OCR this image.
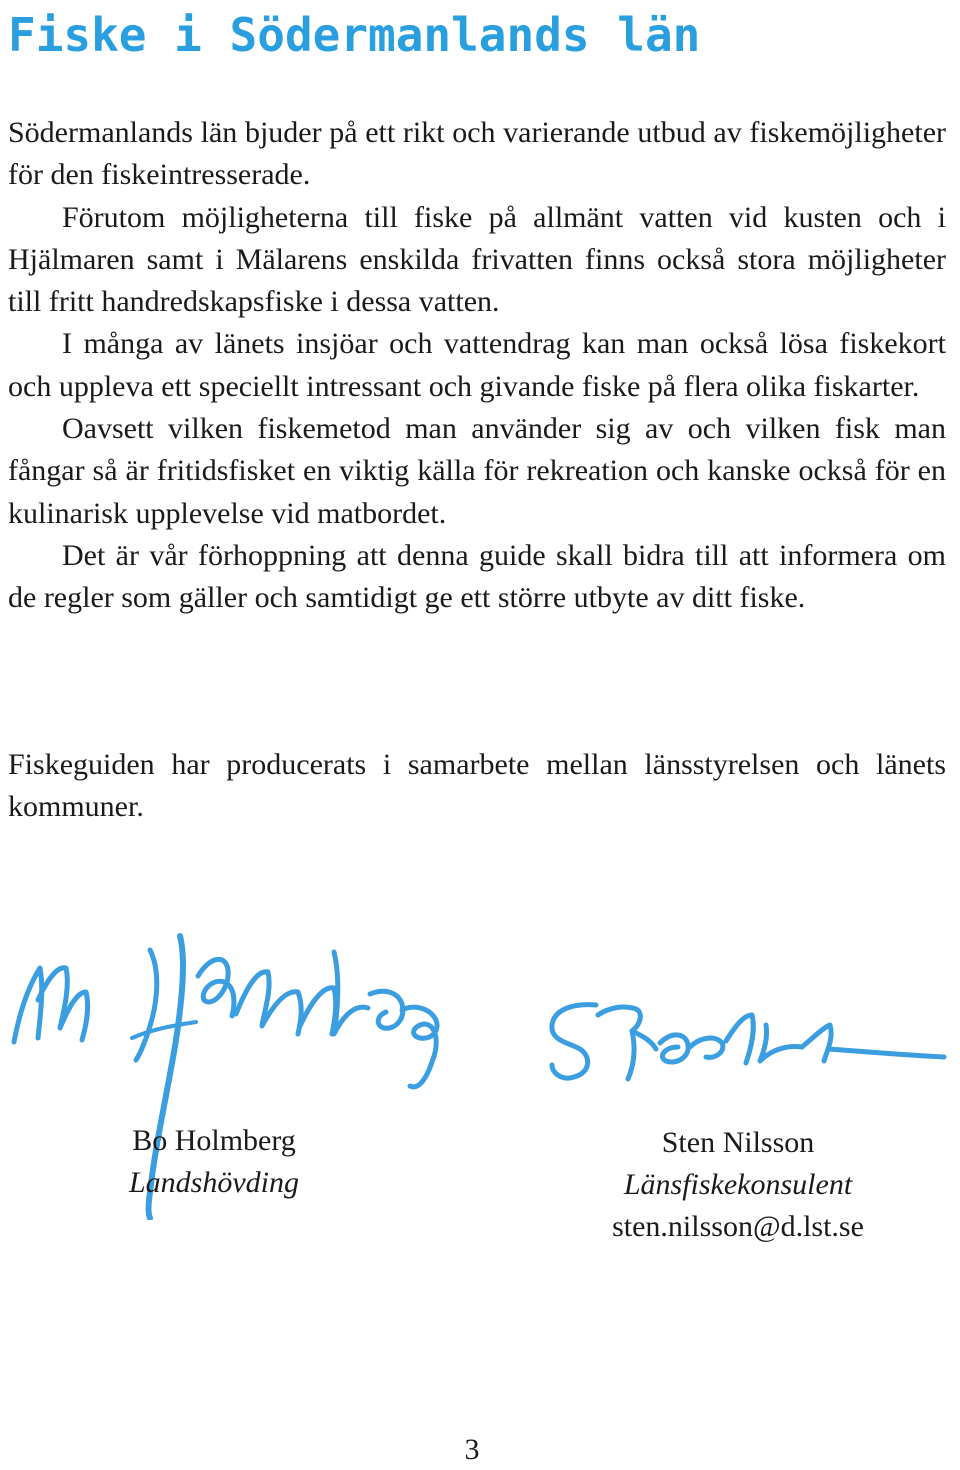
Fiske i Södermanlands län

Södermanlands län bjuder på ett rikt och varierande utbud av fiskemöjligheter för den fiskeintresserade.

Förutom möjligheterna till fiske på allmänt vatten vid kusten och i Hjälmaren samt i Mälarens enskilda frivatten finns också stora möjligheter till fritt handredskapsfiske i dessa vatten.

I många av länets insjöar och vattendrag kan man också lösa fiskekort och uppleva ett speciellt intressant och givande fiske på flera olika fiskarter.

Oavsett vilken fiskemetod man använder sig av och vilken fisk man fångar så är fritidsfisket en viktig källa för rekreation och kanske också för en kulinarisk upplevelse vid matbordet.

Det är vår förhoppning att denna guide skall bidra till att informera om de regler som gäller och samtidigt ge ett större utbyte av ditt fiske.

Fiskeguiden har producerats i samarbete mellan länsstyrelsen och länets kommuner.

Bo Holmberg
Landshövding
Sten Nilsson
Länsfiskekonsulent
sten.nilsson@d.lst.se
3
